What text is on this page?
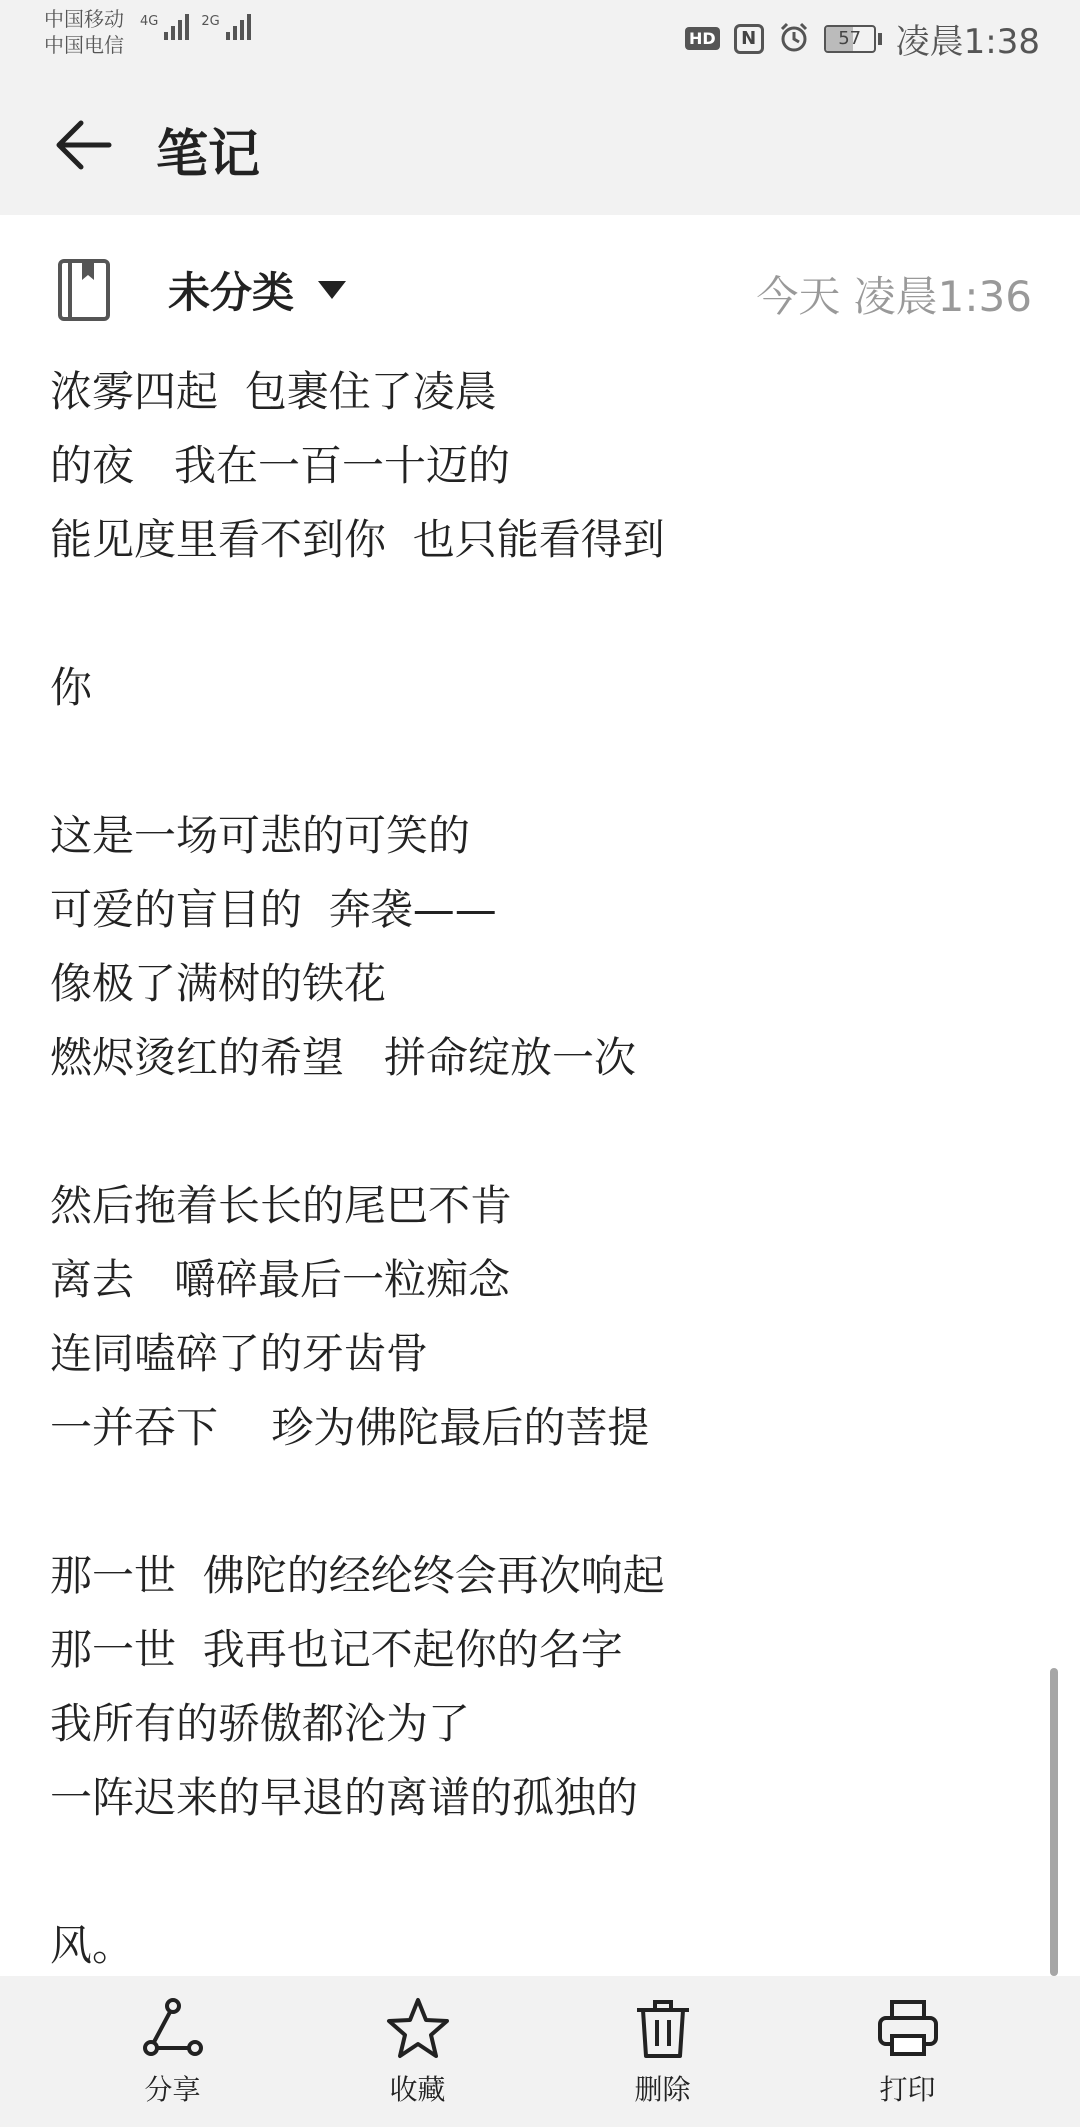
中国移动
中国电信
4G	2G
HD	N	57	凌晨1:38
笔记
未分类	今天 凌晨1:36
浓雾四起  包裹住了凌晨
的夜   我在一百一十迈的
能见度里看不到你  也只能看得到
你
这是一场可悲的可笑的
可爱的盲目的  奔袭——
像极了满树的铁花
燃烬烫红的希望   拼命绽放一次
然后拖着长长的尾巴不肯
离去   嚼碎最后一粒痴念
连同嗑碎了的牙齿骨
一并吞下    珍为佛陀最后的菩提
那一世  佛陀的经纶终会再次响起
那一世  我再也记不起你的名字
我所有的骄傲都沦为了
一阵迟来的早退的离谱的孤独的
风。
分享	收藏	删除	打印
